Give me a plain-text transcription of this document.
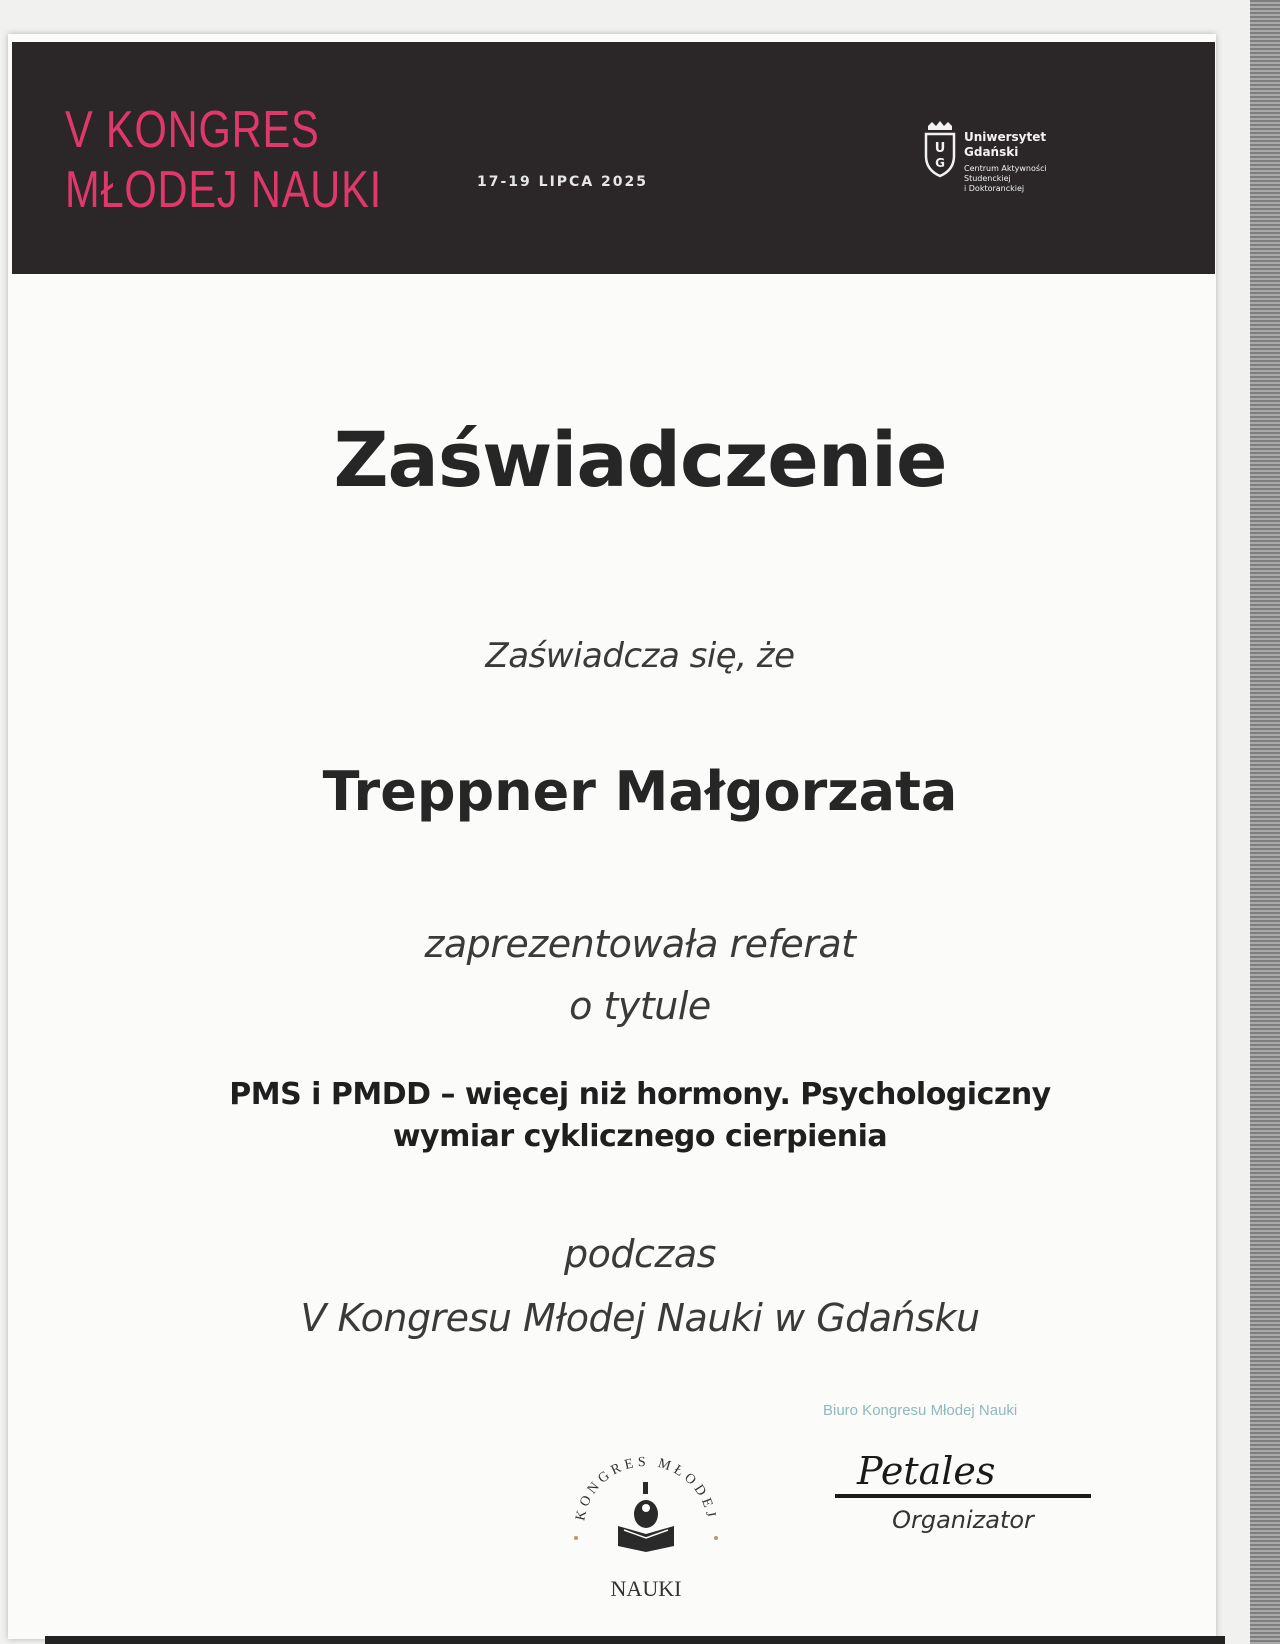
V KONGRES
MŁODEJ NAUKI	17-19 LIPCA 2025
U
G
Uniwersytet
Gdański
Centrum Aktywności
Studenckiej
i Doktoranckiej
Zaświadczenie
Zaświadcza się, że
Treppner Małgorzata
zaprezentowała referat
o tytule
PMS i PMDD – więcej niż hormony. Psychologiczny
wymiar cyklicznego cierpienia
podczas
V Kongresu Młodej Nauki w Gdańsku
KONGRES MŁODEJ
NAUKI
Biuro Kongresu Młodej Nauki
Petales
Organizator
